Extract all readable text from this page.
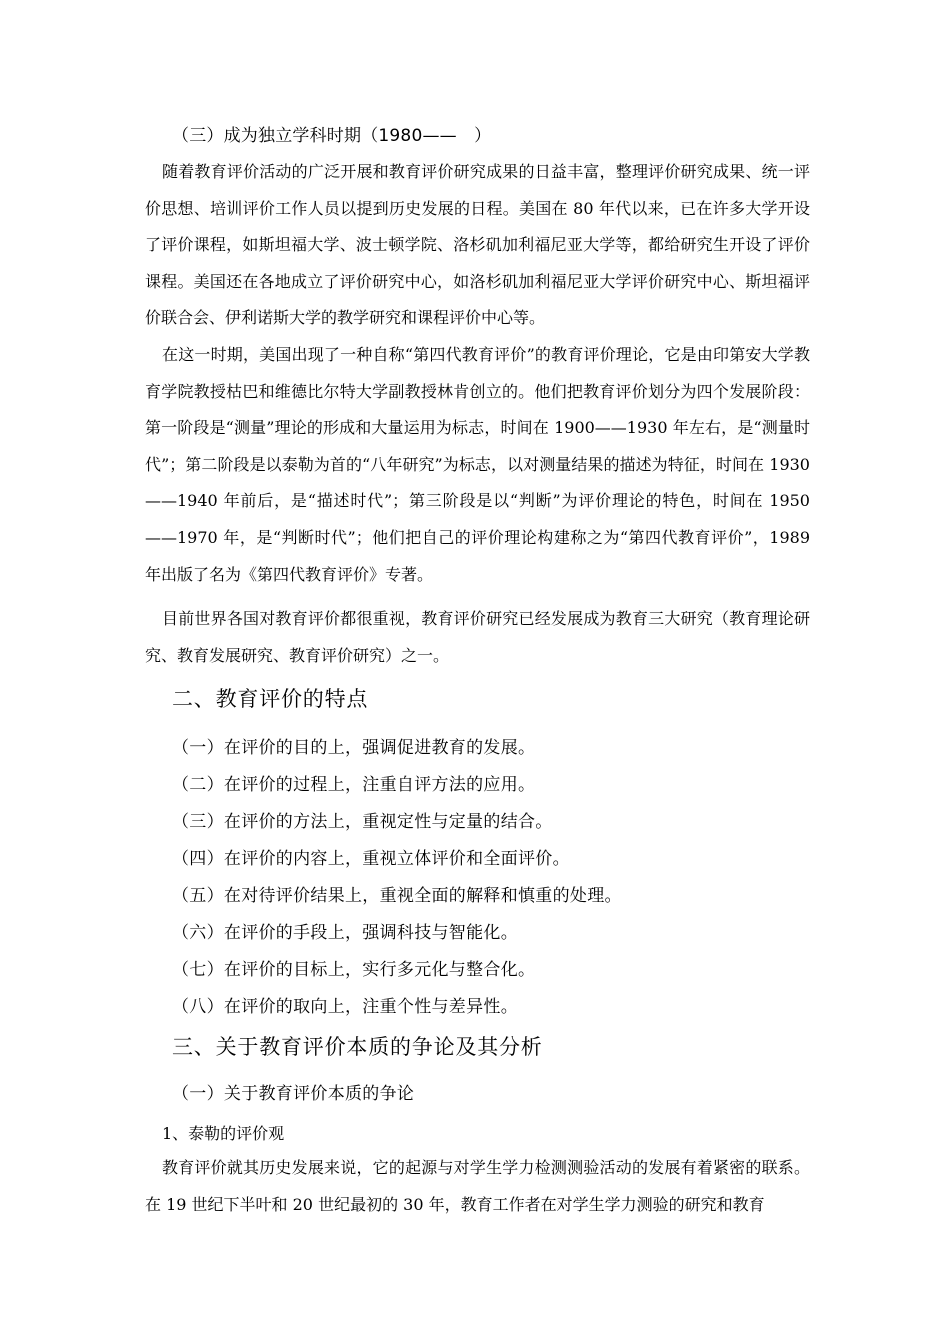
（三）成为独立学科时期（1980——　）

随着教育评价活动的广泛开展和教育评价研究成果的日益丰富，整理评价研究成果、统一评价思想、培训评价工作人员以提到历史发展的日程。美国在 80 年代以来，已在许多大学开设了评价课程，如斯坦福大学、波士顿学院、洛杉矶加利福尼亚大学等，都给研究生开设了评价课程。美国还在各地成立了评价研究中心，如洛杉矶加利福尼亚大学评价研究中心、斯坦福评价联合会、伊利诺斯大学的教学研究和课程评价中心等。

在这一时期，美国出现了一种自称“第四代教育评价”的教育评价理论，它是由印第安大学教育学院教授枯巴和维德比尔特大学副教授林肯创立的。他们把教育评价划分为四个发展阶段：第一阶段是“测量”理论的形成和大量运用为标志，时间在 1900——1930 年左右，是“测量时代”；第二阶段是以泰勒为首的“八年研究”为标志，以对测量结果的描述为特征，时间在 1930——1940 年前后，是“描述时代”；第三阶段是以“判断”为评价理论的特色，时间在 1950——1970 年，是“判断时代”；他们把自己的评价理论构建称之为“第四代教育评价”，1989 年出版了名为《第四代教育评价》专著。

目前世界各国对教育评价都很重视，教育评价研究已经发展成为教育三大研究（教育理论研究、教育发展研究、教育评价研究）之一。

二、教育评价的特点
（一）在评价的目的上，强调促进教育的发展。
（二）在评价的过程上，注重自评方法的应用。
（三）在评价的方法上，重视定性与定量的结合。
（四）在评价的内容上，重视立体评价和全面评价。
（五）在对待评价结果上，重视全面的解释和慎重的处理。
（六）在评价的手段上，强调科技与智能化。
（七）在评价的目标上，实行多元化与整合化。
（八）在评价的取向上，注重个性与差异性。
三、关于教育评价本质的争论及其分析
（一）关于教育评价本质的争论
1、泰勒的评价观

教育评价就其历史发展来说，它的起源与对学生学力检测测验活动的发展有着紧密的联系。在 19 世纪下半叶和 20 世纪最初的 30 年，教育工作者在对学生学力测验的研究和教育
